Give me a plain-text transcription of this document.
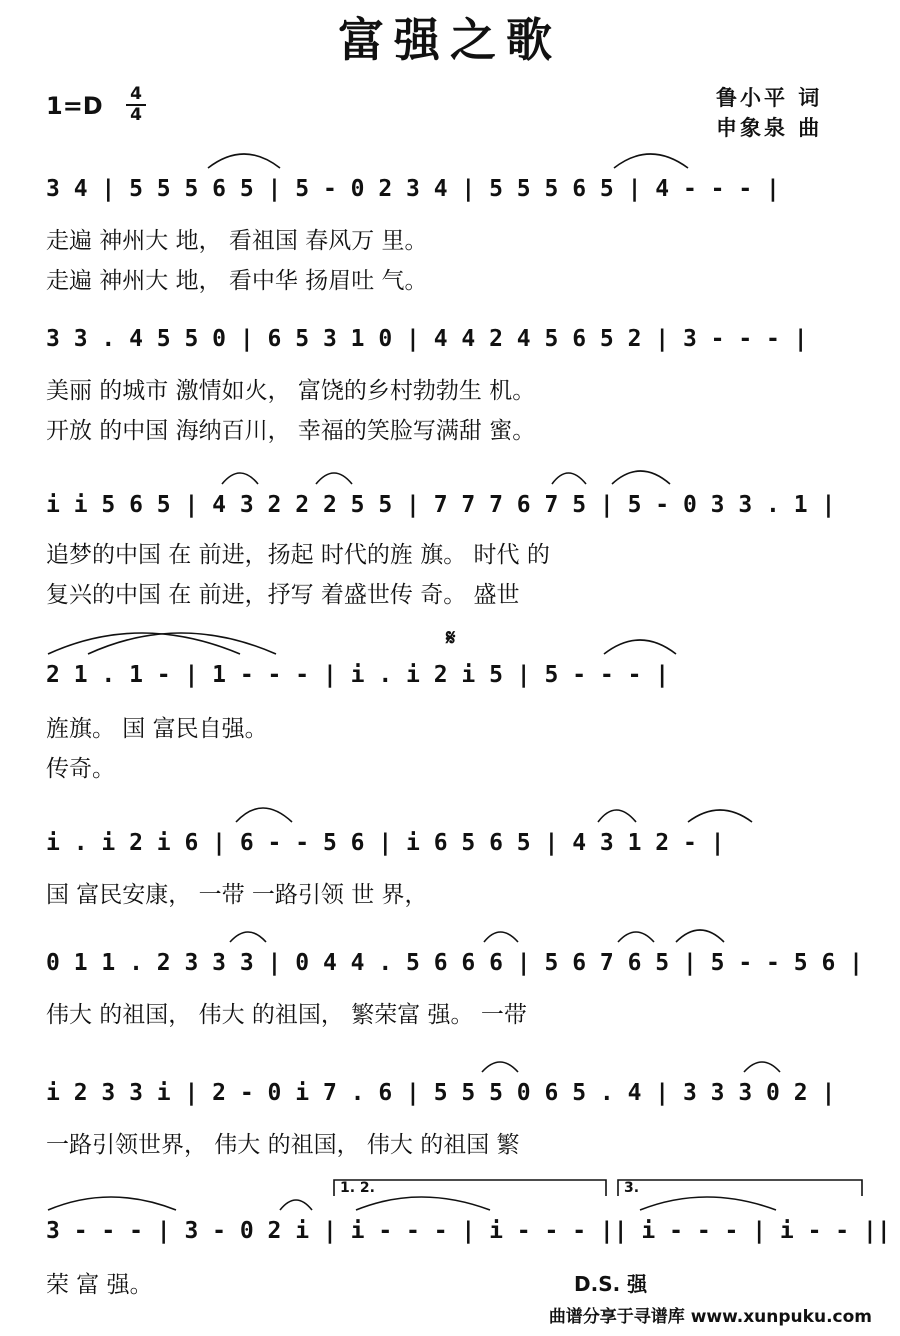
富强之歌
1=D 4
4
鲁小平 词
申象泉 曲
3 4 | 5 5 5 6 5 | 5 - 0 2 3 4 | 5 5 5 6 5 | 4 - - - |
走遍 神州大 地， 看祖国 春风万 里。
走遍 神州大 地， 看中华 扬眉吐 气。
3 3 . 4 5 5 0 | 6 5 3 1 0 | 4 4 2 4 5 6 5 2 | 3 - - - |
美丽 的城市 激情如火， 富饶的乡村勃勃生 机。
开放 的中国 海纳百川， 幸福的笑脸写满甜 蜜。
i i 5 6 5 | 4 3 2 2 2 5 5 | 7 7 7 6 7 5 | 5 - 0 3 3 . 1 |
追梦的中国 在 前进，扬起 时代的旌 旗。 时代 的
复兴的中国 在 前进，抒写 着盛世传 奇。 盛世
𝄋
2 1 . 1 - | 1 - - - | i . i 2 i 5 | 5 - - - |
旌旗。 国 富民自强。
传奇。
i . i 2 i 6 | 6 - - 5 6 | i 6 5 6 5 | 4 3 1 2 - |
国 富民安康， 一带 一路引领 世 界，
0 1 1 . 2 3 3 3 | 0 4 4 . 5 6 6 6 | 5 6 7 6 5 | 5 - - 5 6 |
伟大 的祖国， 伟大 的祖国， 繁荣富 强。 一带
i 2 3 3 i | 2 - 0 i 7 . 6 | 5 5 5 0 6 5 . 4 | 3 3 3 0 2 |
一路引领世界， 伟大 的祖国， 伟大 的祖国 繁
1. 2.	3.
3 - - - | 3 - 0 2 i | i - - - | i - - - || i - - - | i - - ||
荣 富 强。	D.S. 强
曲谱分享于寻谱库 www.xunpuku.com
